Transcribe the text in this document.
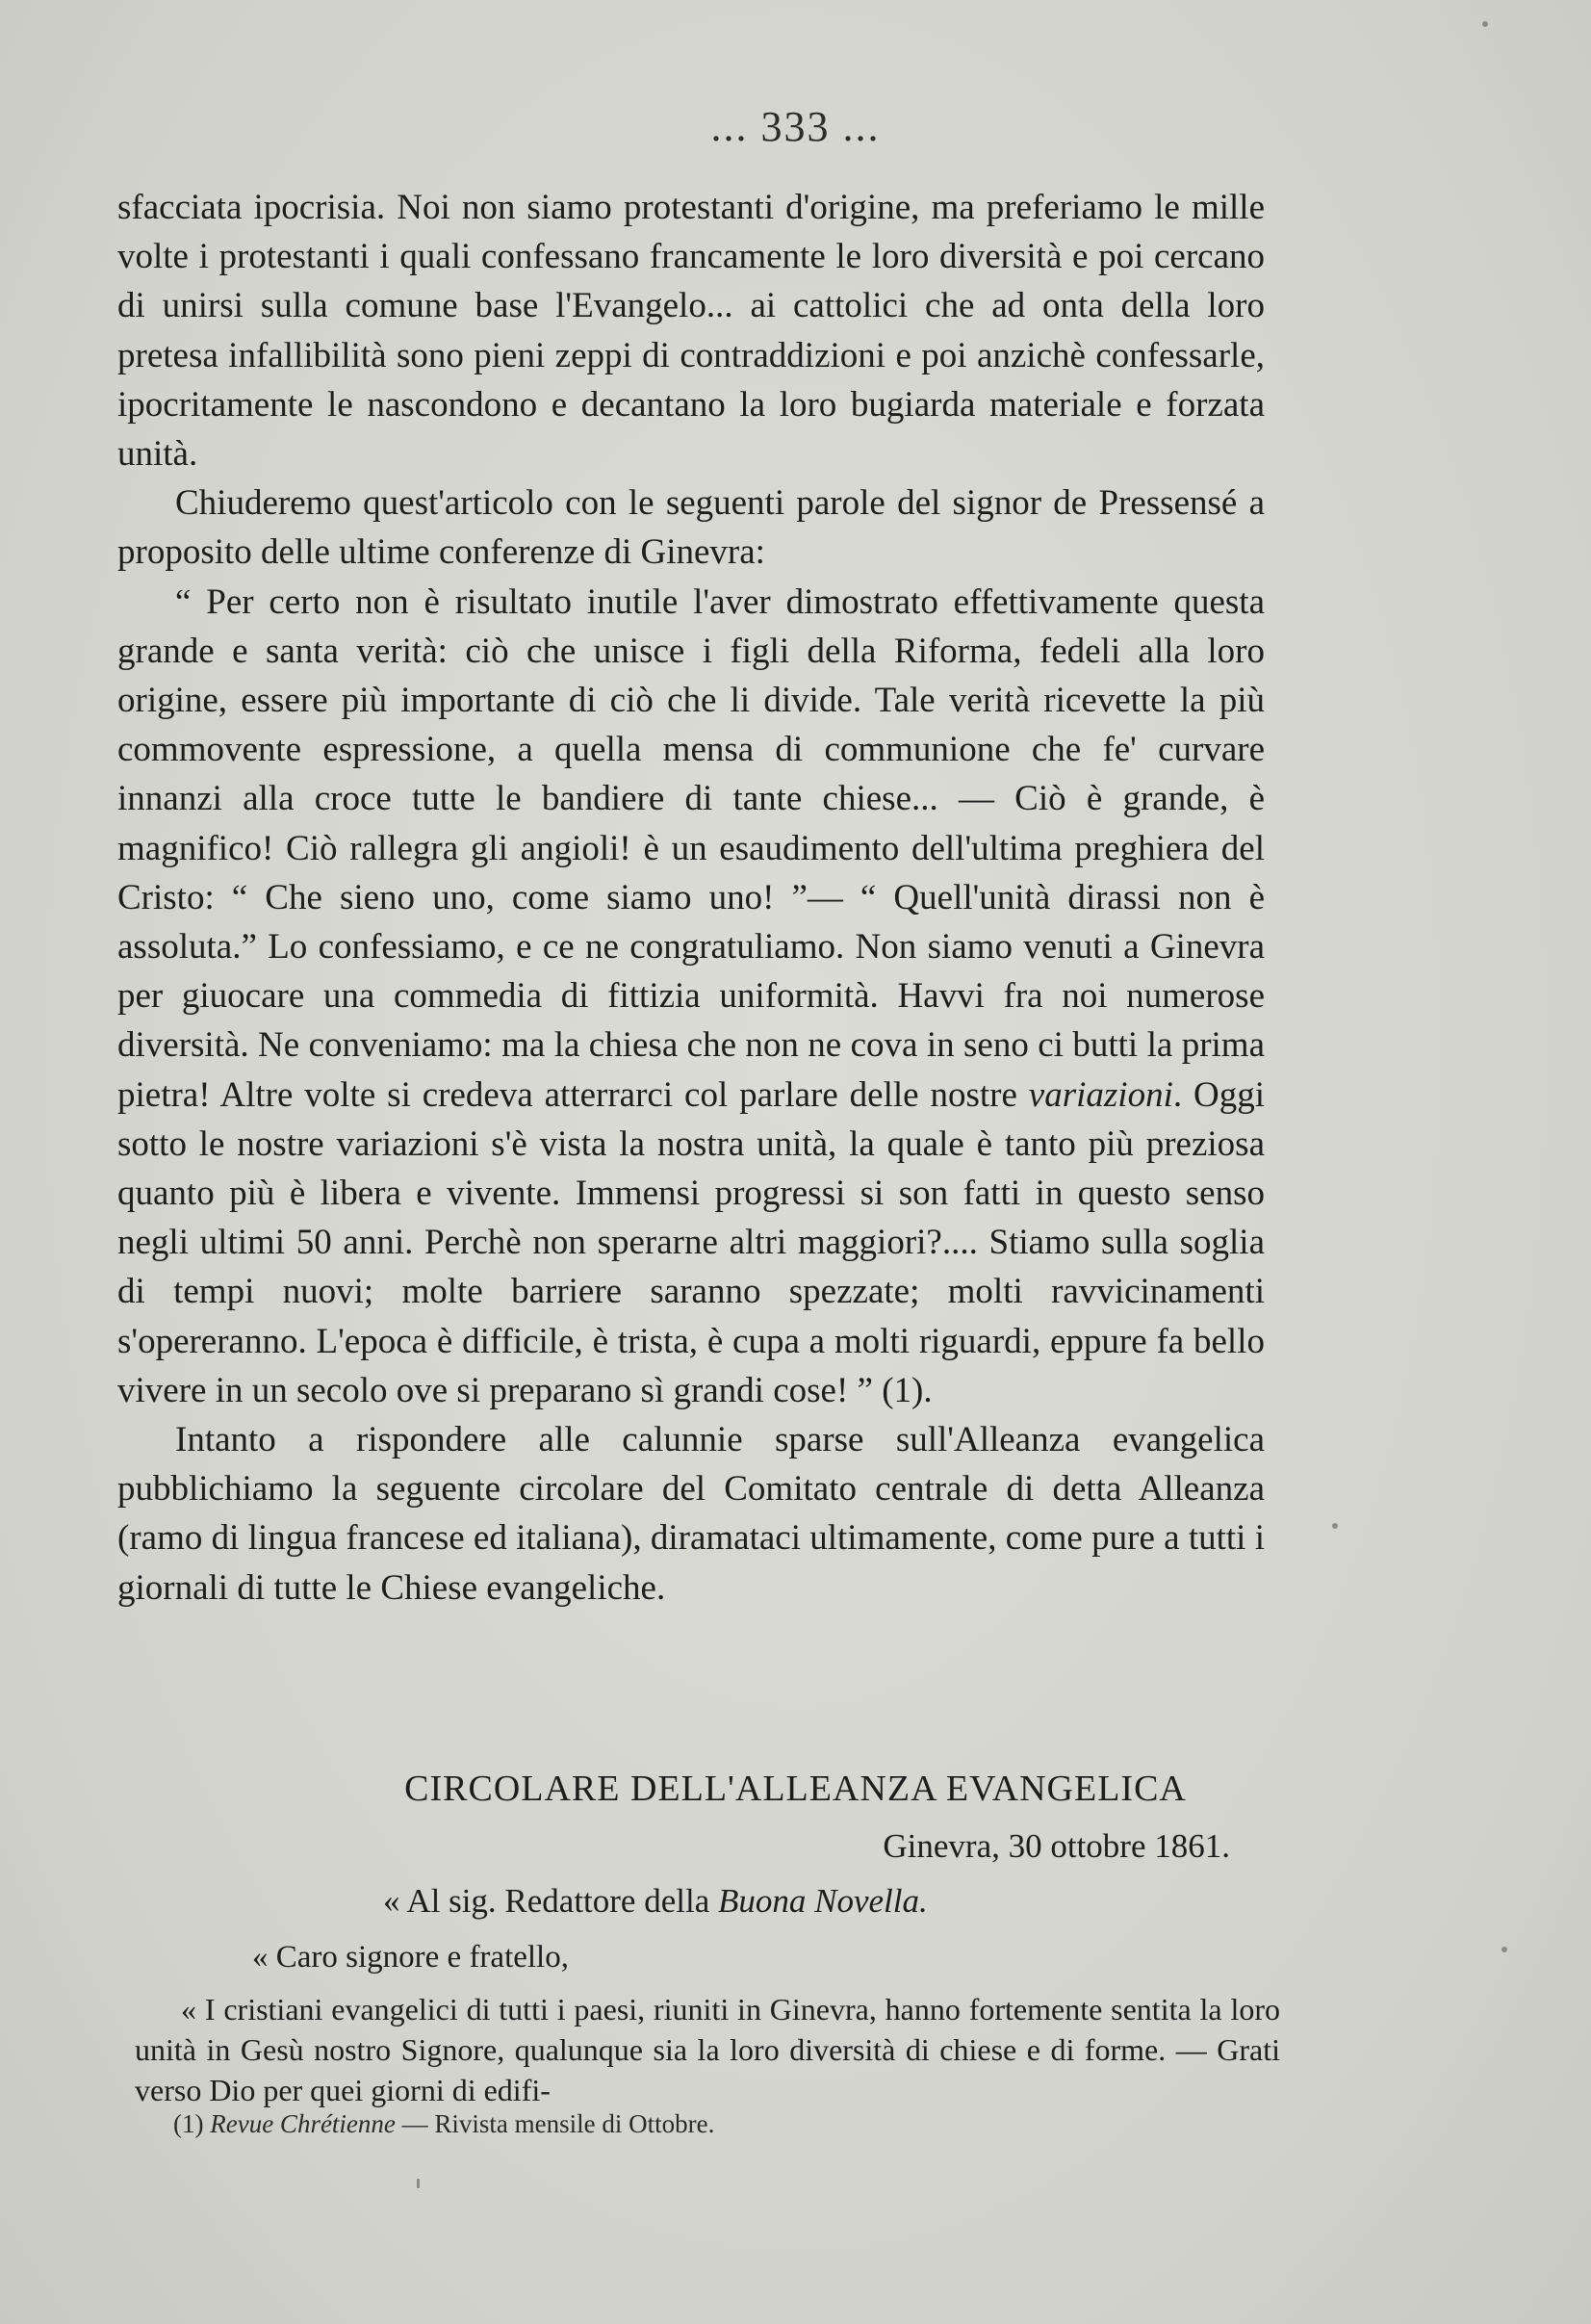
... 333 ...

sfacciata ipocrisia. Noi non siamo protestanti d'origine, ma preferiamo le mille volte i protestanti i quali confessano francamente le loro diversità e poi cercano di unirsi sulla comune base l'Evangelo... ai cattolici che ad onta della loro pretesa infallibilità sono pieni zeppi di contraddizioni e poi anzichè confessarle, ipocritamente le nascondono e decantano la loro bugiarda materiale e forzata unità.

Chiuderemo quest'articolo con le seguenti parole del signor de Pressensé a proposito delle ultime conferenze di Ginevra:

“ Per certo non è risultato inutile l'aver dimostrato effettivamente questa grande e santa verità: ciò che unisce i figli della Riforma, fedeli alla loro origine, essere più importante di ciò che li divide. Tale verità ricevette la più commovente espressione, a quella mensa di communione che fe' curvare innanzi alla croce tutte le bandiere di tante chiese... — Ciò è grande, è magnifico! Ciò rallegra gli angioli! è un esaudimento dell'ultima preghiera del Cristo: “ Che sieno uno, come siamo uno! ”— “ Quell'unità dirassi non è assoluta.” Lo confessiamo, e ce ne congratuliamo. Non siamo venuti a Ginevra per giuocare una commedia di fittizia uniformità. Havvi fra noi numerose diversità. Ne conveniamo: ma la chiesa che non ne cova in seno ci butti la prima pietra! Altre volte si credeva atterrarci col parlare delle nostre variazioni. Oggi sotto le nostre variazioni s'è vista la nostra unità, la quale è tanto più preziosa quanto più è libera e vivente. Immensi progressi si son fatti in questo senso negli ultimi 50 anni. Perchè non sperarne altri maggiori?.... Stiamo sulla soglia di tempi nuovi; molte barriere saranno spezzate; molti ravvicinamenti s'opereranno. L'epoca è difficile, è trista, è cupa a molti riguardi, eppure fa bello vivere in un secolo ove si preparano sì grandi cose! ” (1).

Intanto a rispondere alle calunnie sparse sull'Alleanza evangelica pubblichiamo la seguente circolare del Comitato centrale di detta Alleanza (ramo di lingua francese ed italiana), diramataci ultimamente, come pure a tutti i giornali di tutte le Chiese evangeliche.

CIRCOLARE DELL'ALLEANZA EVANGELICA
Ginevra, 30 ottobre 1861.
« Al sig. Redattore della Buona Novella.
« Caro signore e fratello,

« I cristiani evangelici di tutti i paesi, riuniti in Ginevra, hanno fortemente sentita la loro unità in Gesù nostro Signore, qualunque sia la loro diversità di chiese e di forme. — Grati verso Dio per quei giorni di edifi-

(1) Revue Chrétienne — Rivista mensile di Ottobre.
